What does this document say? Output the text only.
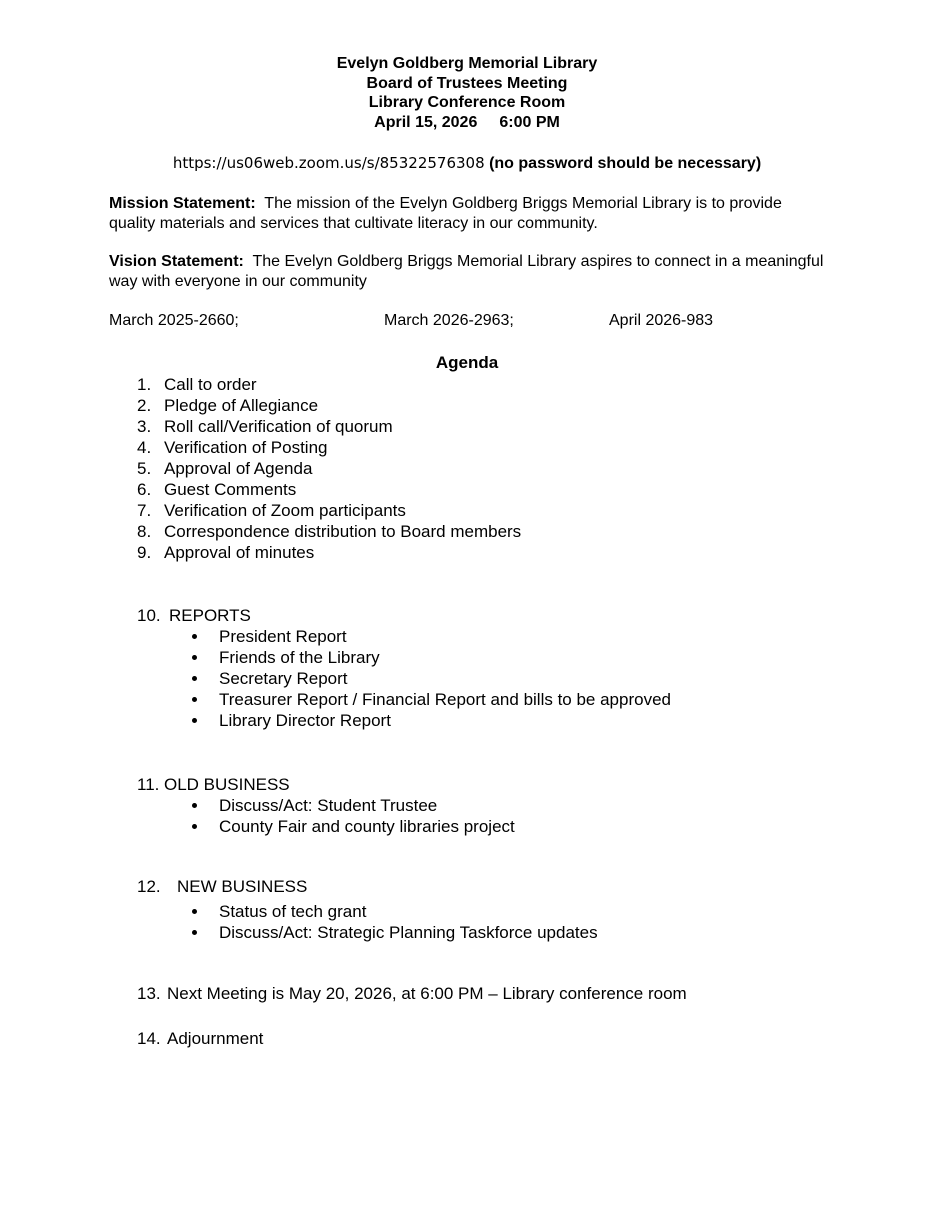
Evelyn Goldberg Memorial Library
Board of Trustees Meeting
Library Conference Room
April 15, 2026 6:00 PM
https://us06web.zoom.us/s/85322576308 (no password should be necessary)
Mission Statement: The mission of the Evelyn Goldberg Briggs Memorial Library is to provide quality materials and services that cultivate literacy in our community.
Vision Statement: The Evelyn Goldberg Briggs Memorial Library aspires to connect in a meaningful way with everyone in our community
March 2025-2660;	March 2026-2963;	April 2026-983
Agenda
1. Call to order
2. Pledge of Allegiance
3. Roll call/Verification of quorum
4. Verification of Posting
5. Approval of Agenda
6. Guest Comments
7. Verification of Zoom participants
8. Correspondence distribution to Board members
9. Approval of minutes
10. REPORTS
President Report
Friends of the Library
Secretary Report
Treasurer Report / Financial Report and bills to be approved
Library Director Report
11. OLD BUSINESS
Discuss/Act: Student Trustee
County Fair and county libraries project
12. NEW BUSINESS
Status of tech grant
Discuss/Act: Strategic Planning Taskforce updates
13. Next Meeting is May 20, 2026, at 6:00 PM – Library conference room
14. Adjournment
